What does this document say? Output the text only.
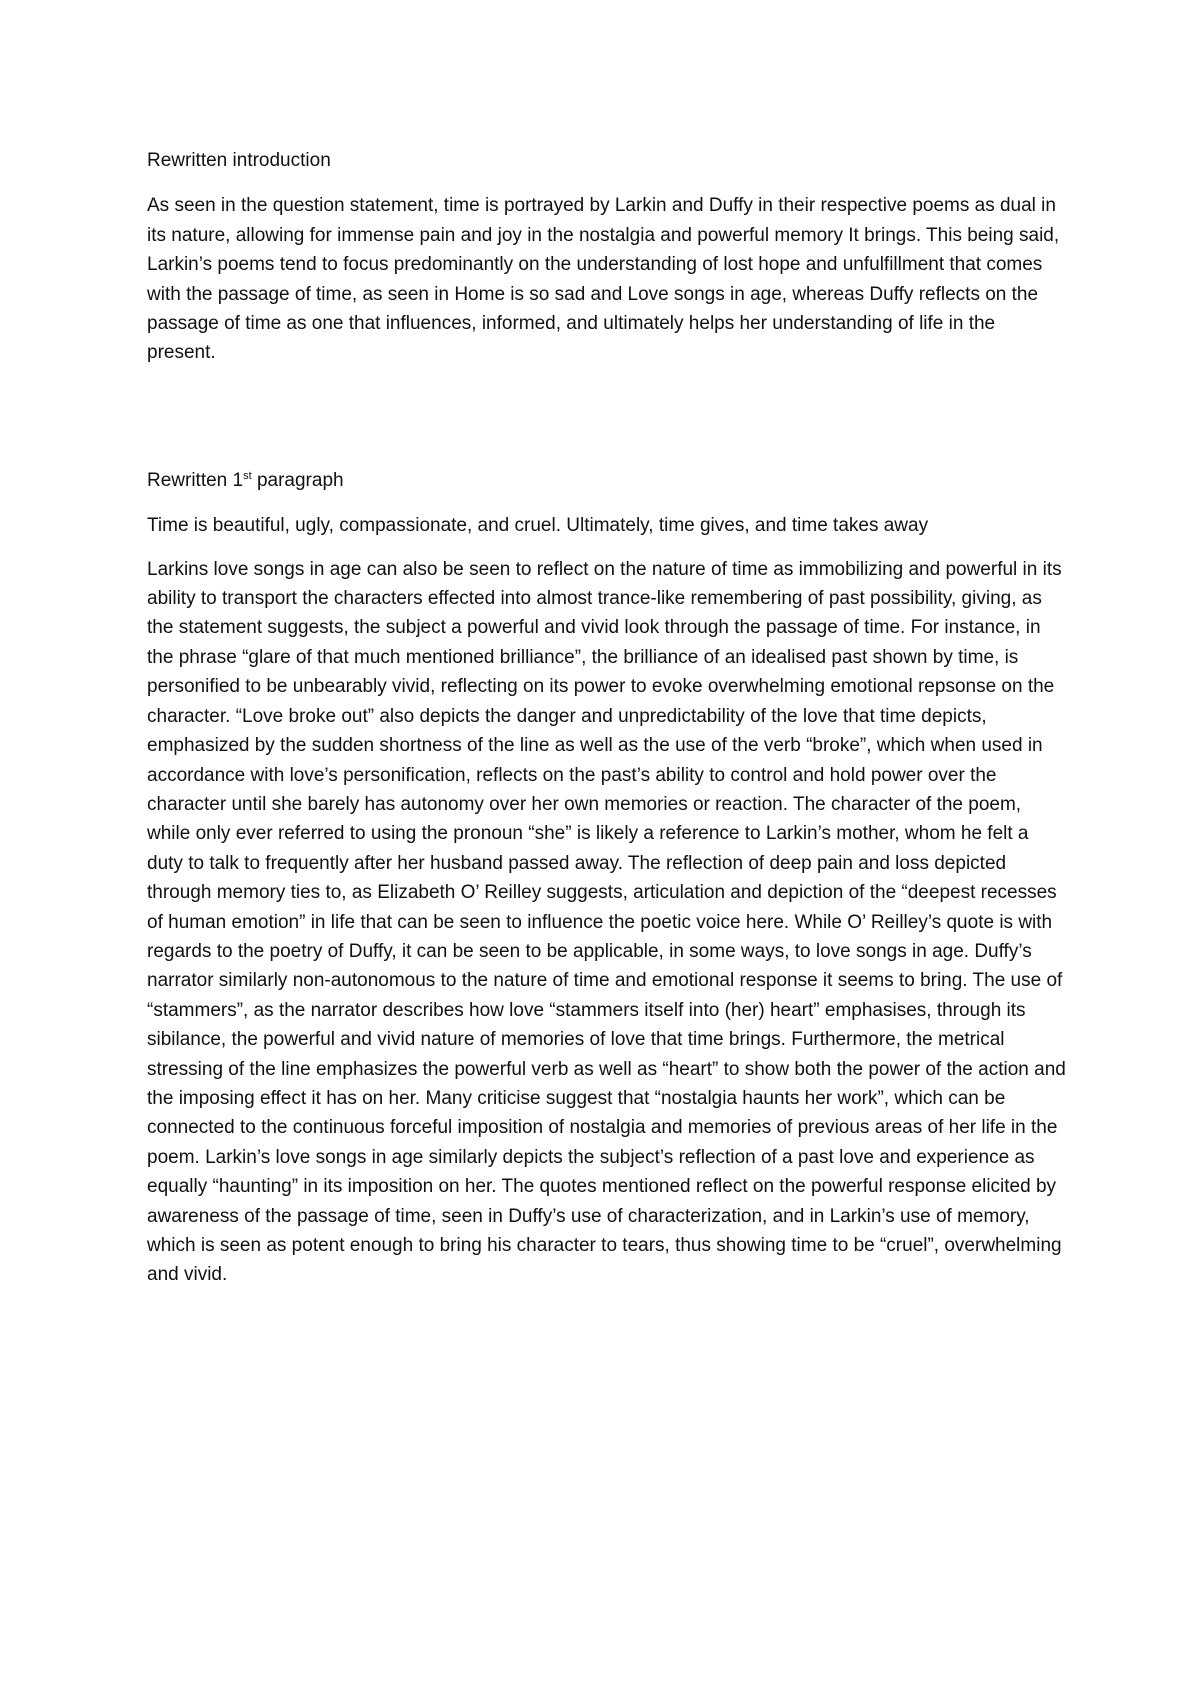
Rewritten introduction

As seen in the question statement, time is portrayed by Larkin and Duffy in their respective poems as dual in its nature, allowing for immense pain and joy in the nostalgia and powerful memory It brings. This being said, Larkin’s poems tend to focus predominantly on the understanding of lost hope and unfulfillment that comes with the passage of time, as seen in Home is so sad and Love songs in age, whereas Duffy reflects on the passage of time as one that influences, informed, and ultimately helps her understanding of life in the present.

Rewritten 1st paragraph

Time is beautiful, ugly, compassionate, and cruel. Ultimately, time gives, and time takes away

Larkins love songs in age can also be seen to reflect on the nature of time as immobilizing and powerful in its ability to transport the characters effected into almost trance-like remembering of past possibility, giving, as the statement suggests, the subject a powerful and vivid look through the passage of time. For instance, in the phrase “glare of that much mentioned brilliance”, the brilliance of an idealised past shown by time, is personified to be unbearably vivid, reflecting on its power to evoke overwhelming emotional repsonse on the character. “Love broke out” also depicts the danger and unpredictability of the love that time depicts, emphasized by the sudden shortness of the line as well as the use of the verb “broke”, which when used in accordance with love’s personification, reflects on the past’s ability to control and hold power over the character until she barely has autonomy over her own memories or reaction. The character of the poem, while only ever referred to using the pronoun “she” is likely a reference to Larkin’s mother, whom he felt a duty to talk to frequently after her husband passed away. The reflection of deep pain and loss depicted through memory ties to, as Elizabeth O’ Reilley suggests, articulation and depiction of the “deepest recesses of human emotion” in life that can be seen to influence the poetic voice here. While O’ Reilley’s quote is with regards to the poetry of Duffy, it can be seen to be applicable, in some ways, to love songs in age. Duffy’s narrator similarly non-autonomous to the nature of time and emotional response it seems to bring. The use of “stammers”, as the narrator describes how love “stammers itself into (her) heart” emphasises, through its sibilance, the powerful and vivid nature of memories of love that time brings. Furthermore, the metrical stressing of the line emphasizes the powerful verb as well as “heart” to show both the power of the action and the imposing effect it has on her. Many criticise suggest that “nostalgia haunts her work”, which can be connected to the continuous forceful imposition of nostalgia and memories of previous areas of her life in the poem. Larkin’s love songs in age similarly depicts the subject’s reflection of a past love and experience as equally “haunting” in its imposition on her. The quotes mentioned reflect on the powerful response elicited by awareness of the passage of time, seen in Duffy’s use of characterization, and in Larkin’s use of memory, which is seen as potent enough to bring his character to tears, thus showing time to be “cruel”, overwhelming and vivid.
